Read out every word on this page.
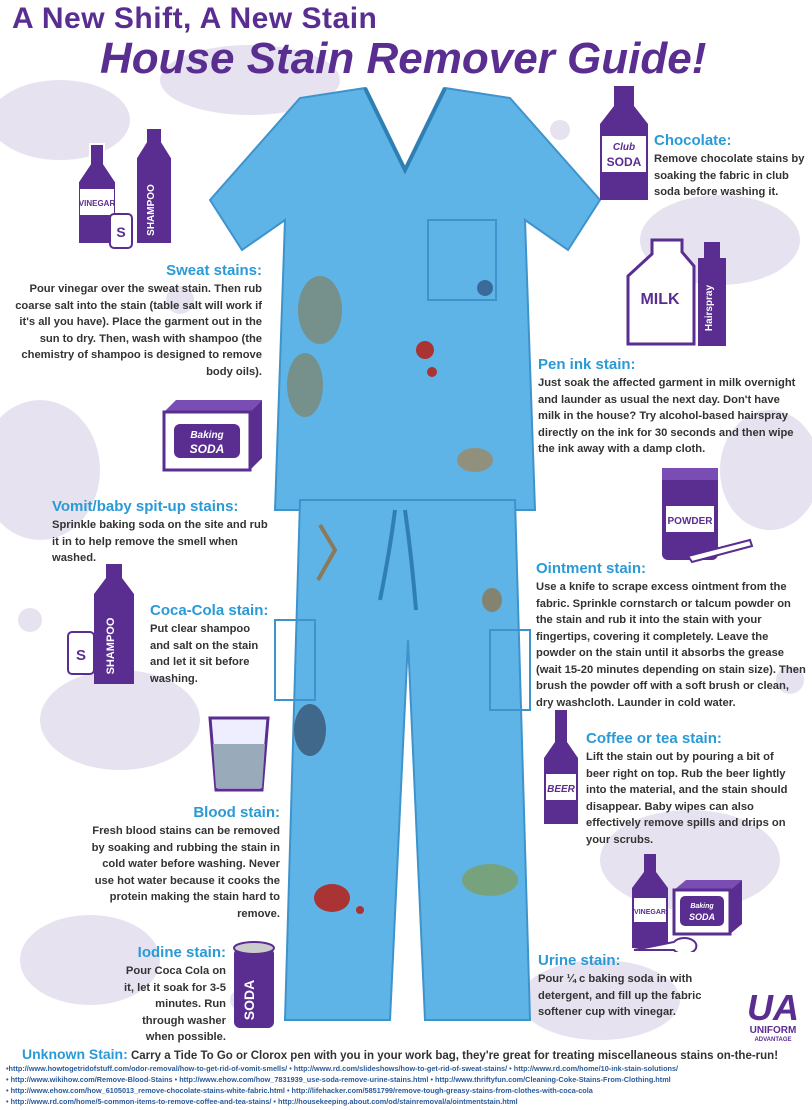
A New Shift, A New Stain
House Stain Remover Guide!
VINEGAR	SHAMPOO
S
Club
SODA
MILK Hairspray
Baking
SODA
POWDER
SHAMPOO
S
BEER
SODA
VINEGAR
Baking
SODA
Chocolate:
Remove chocolate stains by soaking the fabric in club soda before washing it.
Sweat stains:
Pour vinegar over the sweat stain. Then rub coarse salt into the stain (table salt will work if it's all you have). Place the garment out in the sun to dry. Then, wash with shampoo (the chemistry of shampoo is designed to remove body oils).	Pen ink stain:
Just soak the affected garment in milk overnight and launder as usual the next day. Don't have milk in the house? Try alcohol-based hairspray directly on the ink for 30 seconds and then wipe the ink away with a damp cloth.
Vomit/baby spit-up stains:
Sprinkle baking soda on the site and rub it in to help remove the smell when washed.
Ointment stain:
Use a knife to scrape excess ointment from the fabric. Sprinkle cornstarch or talcum powder on the stain and rub it into the stain with your fingertips, covering it completely. Leave the powder on the stain until it absorbs the grease (wait 15-20 minutes depending on stain size). Then brush the powder off with a soft brush or clean, dry washcloth. Launder in cold water.
Coca-Cola stain:
Put clear shampoo and salt on the stain and let it sit before washing.
Coffee or tea stain:
Lift the stain out by pouring a bit of beer right on top. Rub the beer lightly into the material, and the stain should disappear. Baby wipes can also effectively remove spills and drips on your scrubs.
Blood stain:
Fresh blood stains can be removed by soaking and rubbing the stain in cold water before washing. Never use hot water because it cooks the protein making the stain hard to remove.
Iodine stain:
Pour Coca Cola on it, let it soak for 3-5 minutes. Run through washer when possible.
Urine stain:
Pour ¼ c baking soda in with detergent, and fill up the fabric softener cup with vinegar.	UA
UNIFORM
ADVANTAGE
Unknown Stain: Carry a Tide To Go or Clorox pen with you in your work bag, they're great for treating miscellaneous stains on-the-run!
•http://www.howtogetridofstuff.com/odor-removal/how-to-get-rid-of-vomit-smells/ • http://www.rd.com/slideshows/how-to-get-rid-of-sweat-stains/ • http://www.rd.com/home/10-ink-stain-solutions/
• http://www.wikihow.com/Remove-Blood-Stains • http://www.ehow.com/how_7831939_use-soda-remove-urine-stains.html • http://www.thriftyfun.com/Cleaning-Coke-Stains-From-Clothing.html
• http://www.ehow.com/how_6105013_remove-chocolate-stains-white-fabric.html • http://lifehacker.com/5851799/remove-tough-greasy-stains-from-clothes-with-coca-cola
• http://www.rd.com/home/5-common-items-to-remove-coffee-and-tea-stains/ • http://housekeeping.about.com/od/stainremoval/a/ointmentstain.html
